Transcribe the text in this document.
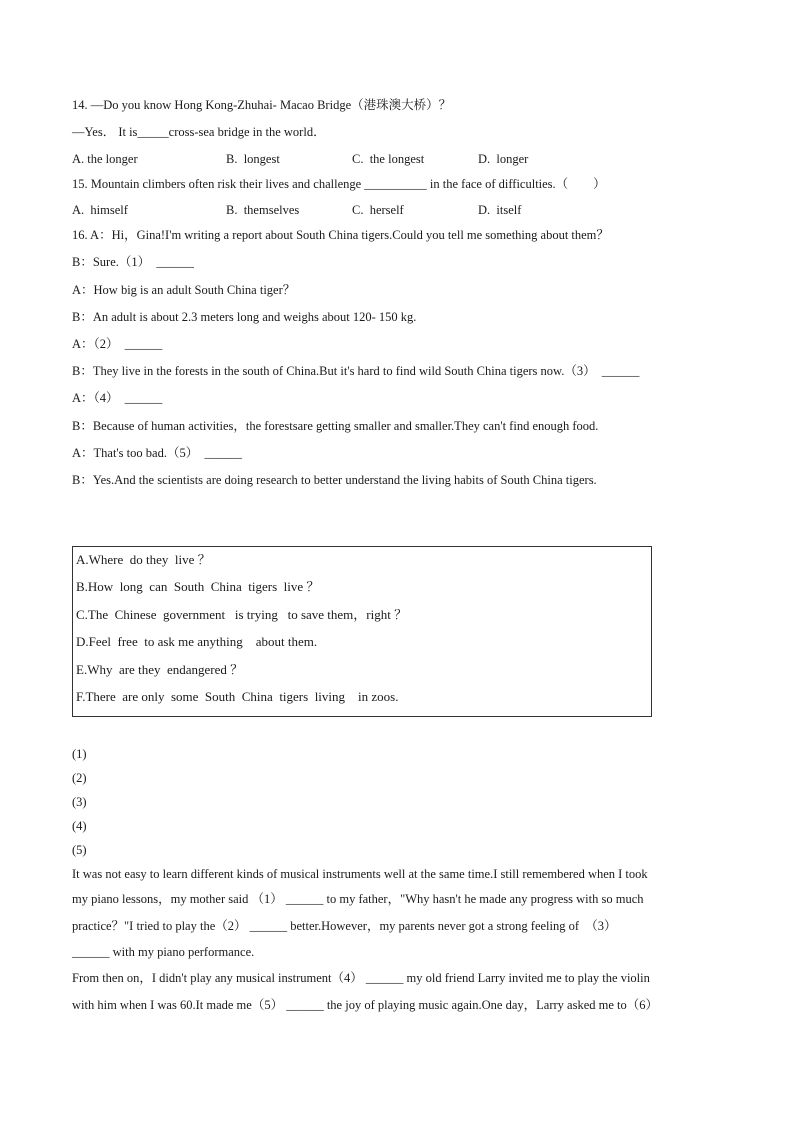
14. —Do you know Hong Kong-Zhuhai- Macao Bridge（港珠澳大桥）？
—Yes． It is_____cross-sea bridge in the world．
A. the longer	B.  longest	C.  the longest	D.  longer
15. Mountain climbers often risk their lives and challenge __________ in the face of difficulties.（        ）
A.  himself	B.  themselves	C.  herself	D.  itself
16. A：Hi，Gina!I'm writing a report about South China tigers.Could you tell me something about them？
B：Sure.（1）  ______
A：How big is an adult South China tiger？
B：An adult is about 2.3 meters long and weighs about 120- 150 kg.
A：（2）  ______
B：They live in the forests in the south of China.But it's hard to find wild South China tigers now.（3）  ______
A：（4）  ______
B：Because of human activities，the forestsare getting smaller and smaller.They can't find enough food.
A：That's too bad.（5）  ______
B：Yes.And the scientists are doing research to better understand the living habits of South China tigers.
A.Where  do they  live ？
B.How  long  can  South  China  tigers  live ？
C.The  Chinese  government   is trying   to save them，right ？
D.Feel  free  to ask me anything    about them.
E.Why  are they  endangered ？
F.There  are only  some  South  China  tigers  living    in zoos.
(1)
(2)
(3)
(4)
(5)
It was not easy to learn different kinds of musical instruments well at the same time.I still remembered when I took
my piano lessons，my mother said （1） ______ to my father，"Why hasn't he made any progress with so much
practice？"I tried to play the（2） ______ better.However，my parents never got a strong feeling of  （3）
______ with my piano performance.
From then on，I didn't play any musical instrument（4） ______ my old friend Larry invited me to play the violin
with him when I was 60.It made me（5） ______ the joy of playing music again.One day，Larry asked me to（6）
